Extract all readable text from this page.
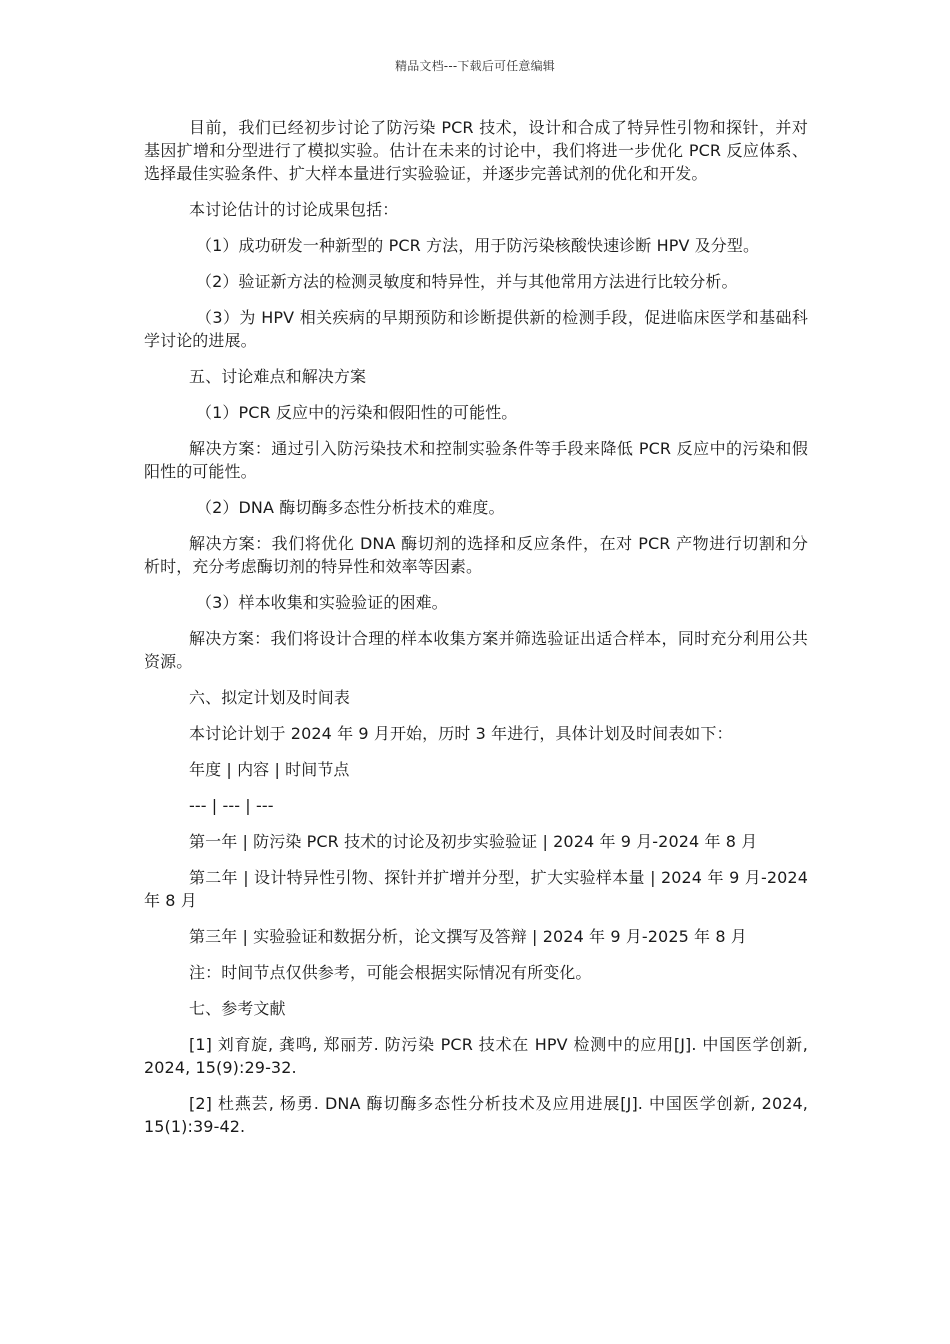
精品文档---下载后可任意编辑

目前，我们已经初步讨论了防污染 PCR 技术，设计和合成了特异性引物和探针，并对基因扩增和分型进行了模拟实验。估计在未来的讨论中，我们将进一步优化 PCR 反应体系、选择最佳实验条件、扩大样本量进行实验验证，并逐步完善试剂的优化和开发。

本讨论估计的讨论成果包括：

（1）成功研发一种新型的 PCR 方法，用于防污染核酸快速诊断 HPV 及分型。

（2）验证新方法的检测灵敏度和特异性，并与其他常用方法进行比较分析。

（3）为 HPV 相关疾病的早期预防和诊断提供新的检测手段，促进临床医学和基础科学讨论的进展。

五、讨论难点和解决方案

（1）PCR 反应中的污染和假阳性的可能性。

解决方案：通过引入防污染技术和控制实验条件等手段来降低 PCR 反应中的污染和假阳性的可能性。

（2）DNA 酶切酶多态性分析技术的难度。

解决方案：我们将优化 DNA 酶切剂的选择和反应条件，在对 PCR 产物进行切割和分析时，充分考虑酶切剂的特异性和效率等因素。

（3）样本收集和实验验证的困难。

解决方案：我们将设计合理的样本收集方案并筛选验证出适合样本，同时充分利用公共资源。

六、拟定计划及时间表

本讨论计划于 2024 年 9 月开始，历时 3 年进行，具体计划及时间表如下：

年度 | 内容 | 时间节点

--- | --- | ---

第一年 | 防污染 PCR 技术的讨论及初步实验验证 | 2024 年 9 月-2024 年 8 月

第二年 | 设计特异性引物、探针并扩增并分型，扩大实验样本量 | 2024 年 9 月-2024 年 8 月

第三年 | 实验验证和数据分析，论文撰写及答辩 | 2024 年 9 月-2025 年 8 月

注：时间节点仅供参考，可能会根据实际情况有所变化。

七、参考文献

[1] 刘育旋, 龚鸣, 郑丽芳. 防污染 PCR 技术在 HPV 检测中的应用[J]. 中国医学创新, 2024, 15(9):29-32.

[2] 杜燕芸, 杨勇. DNA 酶切酶多态性分析技术及应用进展[J]. 中国医学创新, 2024, 15(1):39-42.
